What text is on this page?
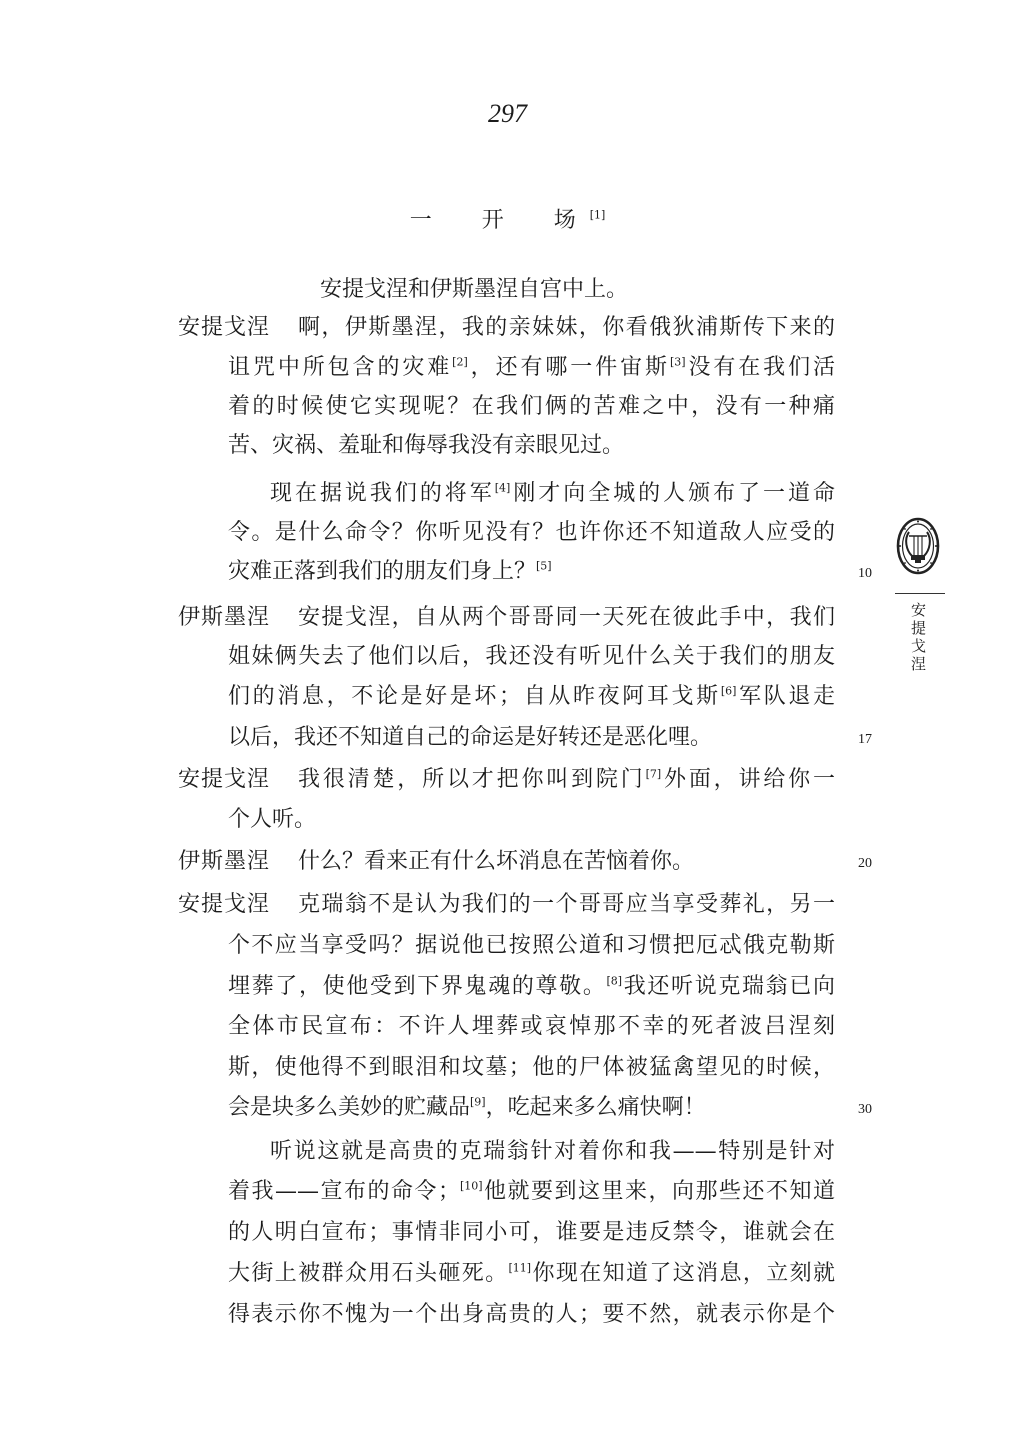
297
一　开　场[1]
安提戈涅和伊斯墨涅自宫中上。
安提戈涅 啊，伊斯墨涅，我的亲妹妹，你看俄狄浦斯传下来的
诅咒中所包含的灾难[2]，还有哪一件宙斯[3]没有在我们活
着的时候使它实现呢？在我们俩的苦难之中，没有一种痛
苦、灾祸、羞耻和侮辱我没有亲眼见过。
现在据说我们的将军[4]刚才向全城的人颁布了一道命
令。是什么命令？你听见没有？也许你还不知道敌人应受的
灾难正落到我们的朋友们身上？[5]	10
伊斯墨涅 安提戈涅，自从两个哥哥同一天死在彼此手中，我们
姐妹俩失去了他们以后，我还没有听见什么关于我们的朋友
们的消息，不论是好是坏；自从昨夜阿耳戈斯[6]军队退走
以后，我还不知道自己的命运是好转还是恶化哩。	17
安提戈涅 我很清楚，所以才把你叫到院门[7]外面，讲给你一
个人听。
伊斯墨涅 什么？看来正有什么坏消息在苦恼着你。	20
安提戈涅 克瑞翁不是认为我们的一个哥哥应当享受葬礼，另一
个不应当享受吗？据说他已按照公道和习惯把厄忒俄克勒斯
埋葬了，使他受到下界鬼魂的尊敬。[8]我还听说克瑞翁已向
全体市民宣布：不许人埋葬或哀悼那不幸的死者波吕涅刻
斯，使他得不到眼泪和坟墓；他的尸体被猛禽望见的时候，
会是块多么美妙的贮藏品[9]，吃起来多么痛快啊！	30
听说这就是高贵的克瑞翁针对着你和我——特别是针对
着我——宣布的命令；[10]他就要到这里来，向那些还不知道
的人明白宣布；事情非同小可，谁要是违反禁令，谁就会在
大街上被群众用石头砸死。[11]你现在知道了这消息，立刻就
得表示你不愧为一个出身高贵的人；要不然，就表示你是个
安提戈涅
